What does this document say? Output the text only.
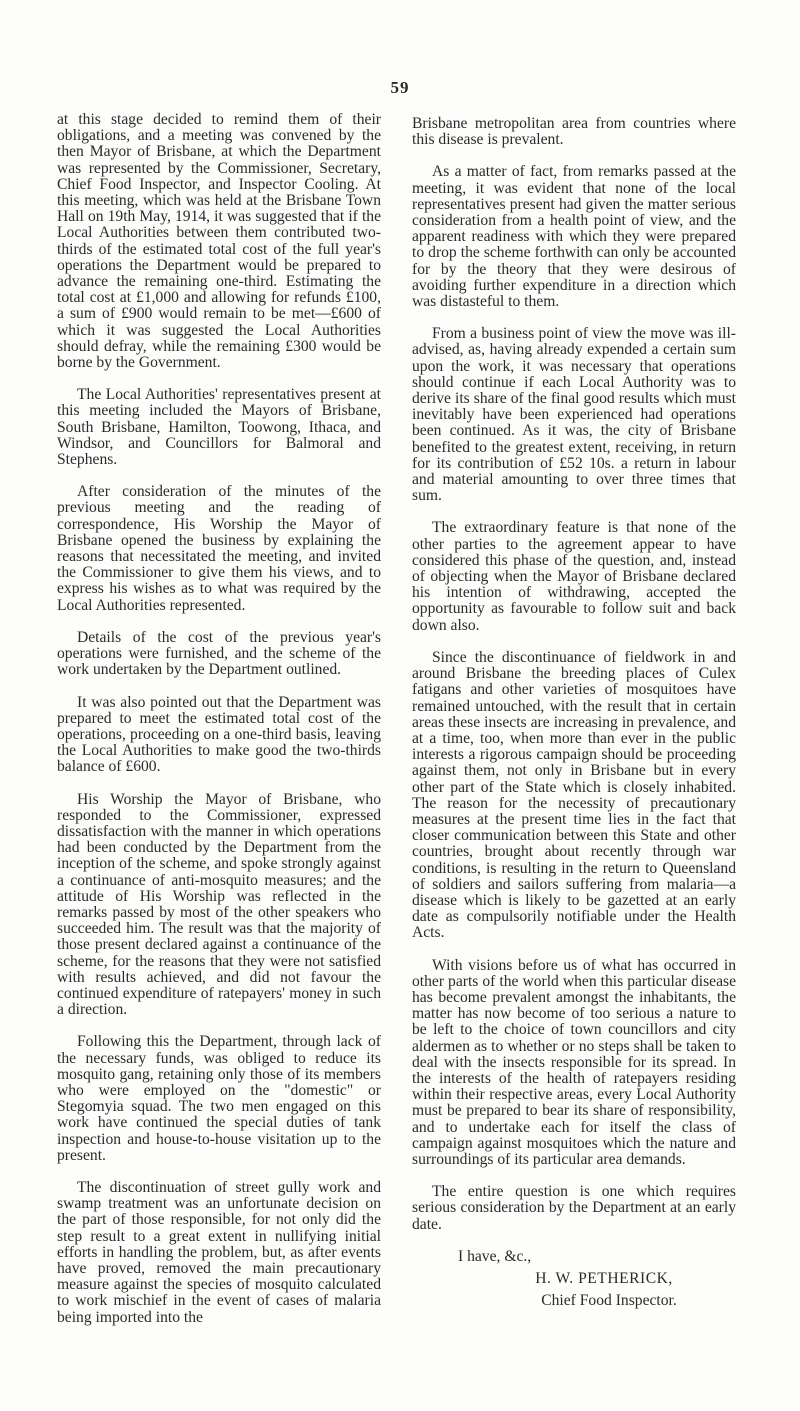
59

at this stage decided to remind them of their obligations, and a meeting was convened by the then Mayor of Brisbane, at which the Department was represented by the Commissioner, Secretary, Chief Food Inspector, and Inspector Cooling. At this meeting, which was held at the Brisbane Town Hall on 19th May, 1914, it was suggested that if the Local Authorities between them contributed two-thirds of the estimated total cost of the full year's operations the Department would be prepared to advance the remaining one-third. Estimating the total cost at £1,000 and allowing for refunds £100, a sum of £900 would remain to be met—£600 of which it was suggested the Local Authorities should defray, while the remaining £300 would be borne by the Government.

The Local Authorities' representatives present at this meeting included the Mayors of Brisbane, South Brisbane, Hamilton, Toowong, Ithaca, and Windsor, and Councillors for Balmoral and Stephens.

After consideration of the minutes of the previous meeting and the reading of correspondence, His Worship the Mayor of Brisbane opened the business by explaining the reasons that necessitated the meeting, and invited the Commissioner to give them his views, and to express his wishes as to what was required by the Local Authorities represented.

Details of the cost of the previous year's operations were furnished, and the scheme of the work undertaken by the Department outlined.

It was also pointed out that the Department was prepared to meet the estimated total cost of the operations, proceeding on a one-third basis, leaving the Local Authorities to make good the two-thirds balance of £600.

His Worship the Mayor of Brisbane, who responded to the Commissioner, expressed dissatisfaction with the manner in which operations had been conducted by the Department from the inception of the scheme, and spoke strongly against a continuance of anti-mosquito measures; and the attitude of His Worship was reflected in the remarks passed by most of the other speakers who succeeded him. The result was that the majority of those present declared against a continuance of the scheme, for the reasons that they were not satisfied with results achieved, and did not favour the continued expenditure of ratepayers' money in such a direction.

Following this the Department, through lack of the necessary funds, was obliged to reduce its mosquito gang, retaining only those of its members who were employed on the "domestic" or Stegomyia squad. The two men engaged on this work have continued the special duties of tank inspection and house-to-house visitation up to the present.

The discontinuation of street gully work and swamp treatment was an unfortunate decision on the part of those responsible, for not only did the step result to a great extent in nullifying initial efforts in handling the problem, but, as after events have proved, removed the main precautionary measure against the species of mosquito calculated to work mischief in the event of cases of malaria being imported into the

Brisbane metropolitan area from countries where this disease is prevalent.

As a matter of fact, from remarks passed at the meeting, it was evident that none of the local representatives present had given the matter serious consideration from a health point of view, and the apparent readiness with which they were prepared to drop the scheme forthwith can only be accounted for by the theory that they were desirous of avoiding further expenditure in a direction which was distasteful to them.

From a business point of view the move was ill-advised, as, having already expended a certain sum upon the work, it was necessary that operations should continue if each Local Authority was to derive its share of the final good results which must inevitably have been experienced had operations been continued. As it was, the city of Brisbane benefited to the greatest extent, receiving, in return for its contribution of £52 10s. a return in labour and material amounting to over three times that sum.

The extraordinary feature is that none of the other parties to the agreement appear to have considered this phase of the question, and, instead of objecting when the Mayor of Brisbane declared his intention of withdrawing, accepted the opportunity as favourable to follow suit and back down also.

Since the discontinuance of fieldwork in and around Brisbane the breeding places of Culex fatigans and other varieties of mosquitoes have remained untouched, with the result that in certain areas these insects are increasing in prevalence, and at a time, too, when more than ever in the public interests a rigorous campaign should be proceeding against them, not only in Brisbane but in every other part of the State which is closely inhabited. The reason for the necessity of precautionary measures at the present time lies in the fact that closer communication between this State and other countries, brought about recently through war conditions, is resulting in the return to Queensland of soldiers and sailors suffering from malaria—a disease which is likely to be gazetted at an early date as compulsorily notifiable under the Health Acts.

With visions before us of what has occurred in other parts of the world when this particular disease has become prevalent amongst the inhabitants, the matter has now become of too serious a nature to be left to the choice of town councillors and city aldermen as to whether or no steps shall be taken to deal with the insects responsible for its spread. In the interests of the health of ratepayers residing within their respective areas, every Local Authority must be prepared to bear its share of responsibility, and to undertake each for itself the class of campaign against mosquitoes which the nature and surroundings of its particular area demands.

The entire question is one which requires serious consideration by the Department at an early date.

I have, &c.,
H. W. PETHERICK,
Chief Food Inspector.
